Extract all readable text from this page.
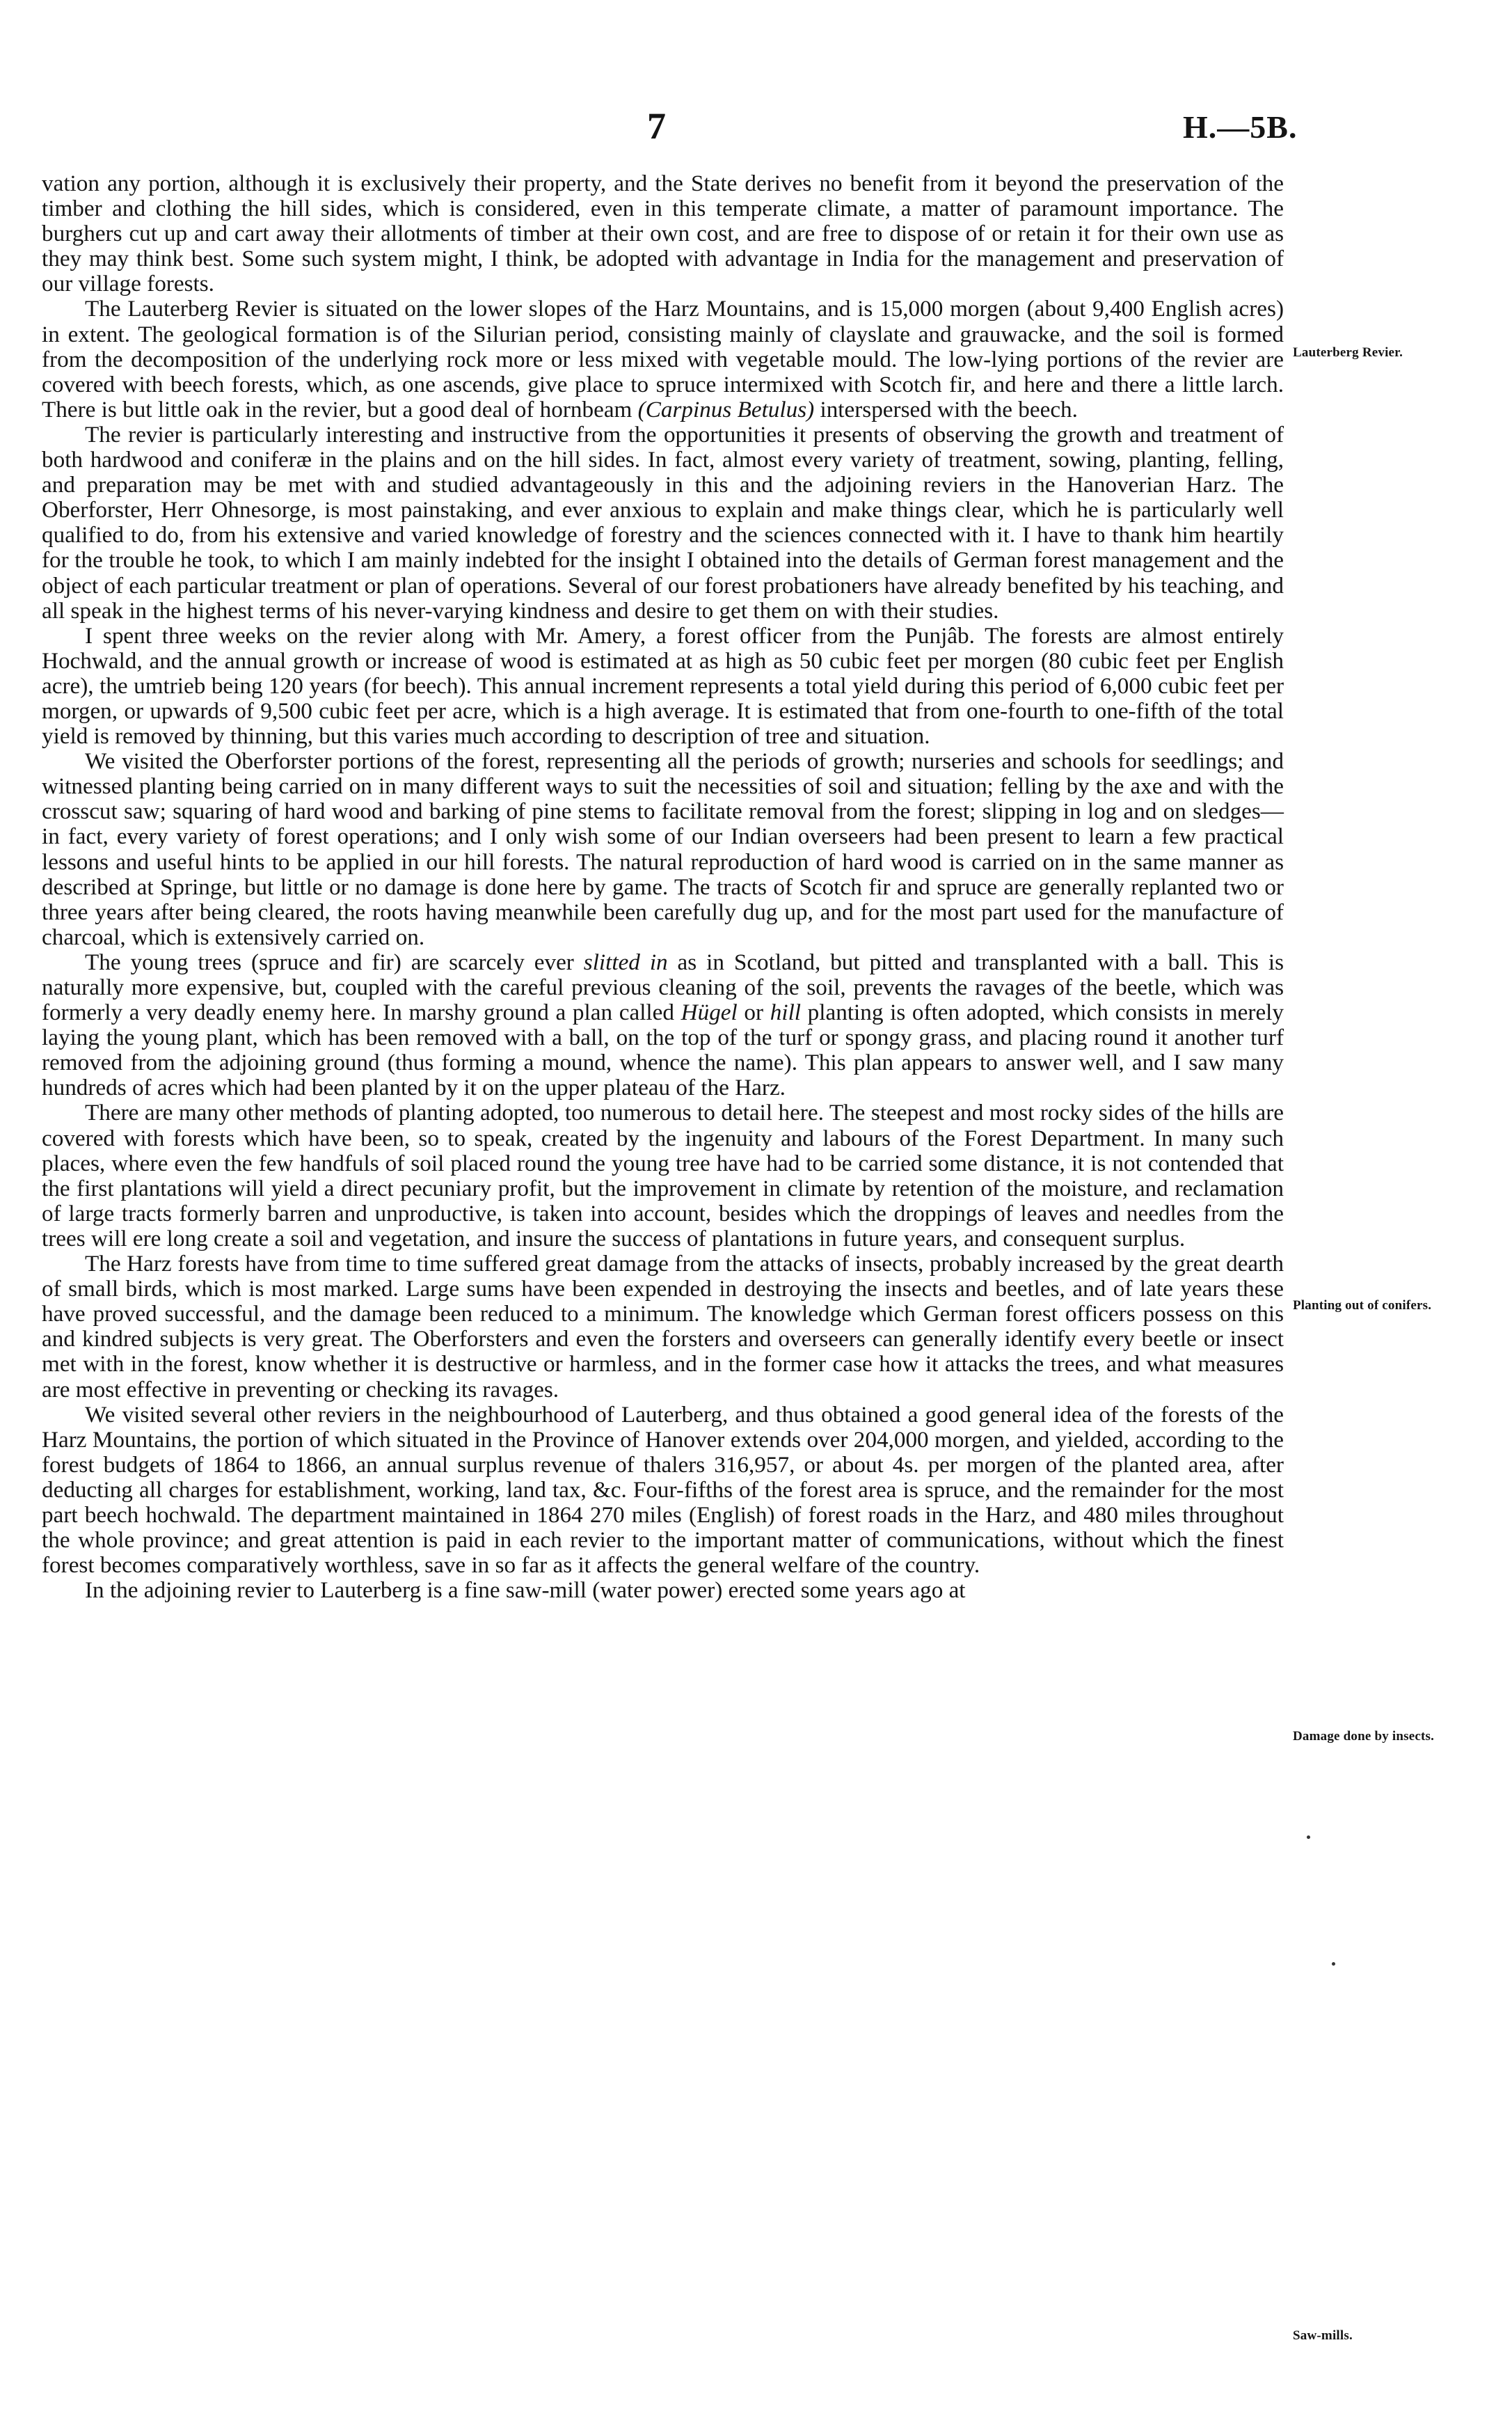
7	H.—5B.

vation any portion, although it is exclusively their property, and the State derives no benefit from it beyond the preservation of the timber and clothing the hill sides, which is considered, even in this temperate climate, a matter of paramount importance. The burghers cut up and cart away their allotments of timber at their own cost, and are free to dispose of or retain it for their own use as they may think best. Some such system might, I think, be adopted with advantage in India for the management and preservation of our village forests.

The Lauterberg Revier is situated on the lower slopes of the Harz Mountains, and is 15,000 morgen (about 9,400 English acres) in extent. The geological formation is of the Silurian period, consisting mainly of clayslate and grauwacke, and the soil is formed from the decomposition of the underlying rock more or less mixed with vegetable mould. The low-lying portions of the revier are covered with beech forests, which, as one ascends, give place to spruce intermixed with Scotch fir, and here and there a little larch. There is but little oak in the revier, but a good deal of hornbeam (Carpinus Betulus) interspersed with the beech.

The revier is particularly interesting and instructive from the opportunities it presents of observing the growth and treatment of both hardwood and coniferæ in the plains and on the hill sides. In fact, almost every variety of treatment, sowing, planting, felling, and preparation may be met with and studied advantageously in this and the adjoining reviers in the Hanoverian Harz. The Oberforster, Herr Ohnesorge, is most painstaking, and ever anxious to explain and make things clear, which he is particularly well qualified to do, from his extensive and varied knowledge of forestry and the sciences connected with it. I have to thank him heartily for the trouble he took, to which I am mainly indebted for the insight I obtained into the details of German forest management and the object of each particular treatment or plan of operations. Several of our forest probationers have already benefited by his teaching, and all speak in the highest terms of his never-varying kindness and desire to get them on with their studies.

I spent three weeks on the revier along with Mr. Amery, a forest officer from the Punjâb. The forests are almost entirely Hochwald, and the annual growth or increase of wood is estimated at as high as 50 cubic feet per morgen (80 cubic feet per English acre), the umtrieb being 120 years (for beech). This annual increment represents a total yield during this period of 6,000 cubic feet per morgen, or upwards of 9,500 cubic feet per acre, which is a high average. It is estimated that from one-fourth to one-fifth of the total yield is removed by thinning, but this varies much according to description of tree and situation.

We visited the Oberforster portions of the forest, representing all the periods of growth; nurseries and schools for seedlings; and witnessed planting being carried on in many different ways to suit the necessities of soil and situation; felling by the axe and with the crosscut saw; squaring of hard wood and barking of pine stems to facilitate removal from the forest; slipping in log and on sledges—in fact, every variety of forest operations; and I only wish some of our Indian overseers had been present to learn a few practical lessons and useful hints to be applied in our hill forests. The natural reproduction of hard wood is carried on in the same manner as described at Springe, but little or no damage is done here by game. The tracts of Scotch fir and spruce are generally replanted two or three years after being cleared, the roots having meanwhile been carefully dug up, and for the most part used for the manufacture of charcoal, which is extensively carried on.

The young trees (spruce and fir) are scarcely ever slitted in as in Scotland, but pitted and transplanted with a ball. This is naturally more expensive, but, coupled with the careful previous cleaning of the soil, prevents the ravages of the beetle, which was formerly a very deadly enemy here. In marshy ground a plan called Hügel or hill planting is often adopted, which consists in merely laying the young plant, which has been removed with a ball, on the top of the turf or spongy grass, and placing round it another turf removed from the adjoining ground (thus forming a mound, whence the name). This plan appears to answer well, and I saw many hundreds of acres which had been planted by it on the upper plateau of the Harz.

There are many other methods of planting adopted, too numerous to detail here. The steepest and most rocky sides of the hills are covered with forests which have been, so to speak, created by the ingenuity and labours of the Forest Department. In many such places, where even the few handfuls of soil placed round the young tree have had to be carried some distance, it is not contended that the first plantations will yield a direct pecuniary profit, but the improvement in climate by retention of the moisture, and reclamation of large tracts formerly barren and unproductive, is taken into account, besides which the droppings of leaves and needles from the trees will ere long create a soil and vegetation, and insure the success of plantations in future years, and consequent surplus.

The Harz forests have from time to time suffered great damage from the attacks of insects, probably increased by the great dearth of small birds, which is most marked. Large sums have been expended in destroying the insects and beetles, and of late years these have proved successful, and the damage been reduced to a minimum. The knowledge which German forest officers possess on this and kindred subjects is very great. The Oberforsters and even the forsters and overseers can generally identify every beetle or insect met with in the forest, know whether it is destructive or harmless, and in the former case how it attacks the trees, and what measures are most effective in preventing or checking its ravages.

We visited several other reviers in the neighbourhood of Lauterberg, and thus obtained a good general idea of the forests of the Harz Mountains, the portion of which situated in the Province of Hanover extends over 204,000 morgen, and yielded, according to the forest budgets of 1864 to 1866, an annual surplus revenue of thalers 316,957, or about 4s. per morgen of the planted area, after deducting all charges for establishment, working, land tax, &c. Four-fifths of the forest area is spruce, and the remainder for the most part beech hochwald. The department maintained in 1864 270 miles (English) of forest roads in the Harz, and 480 miles throughout the whole province; and great attention is paid in each revier to the important matter of communications, without which the finest forest becomes comparatively worthless, save in so far as it affects the general welfare of the country.

In the adjoining revier to Lauterberg is a fine saw-mill (water power) erected some years ago at

Lauterberg Revier.
Planting out of conifers.
Damage done by insects.
Saw-mills.
